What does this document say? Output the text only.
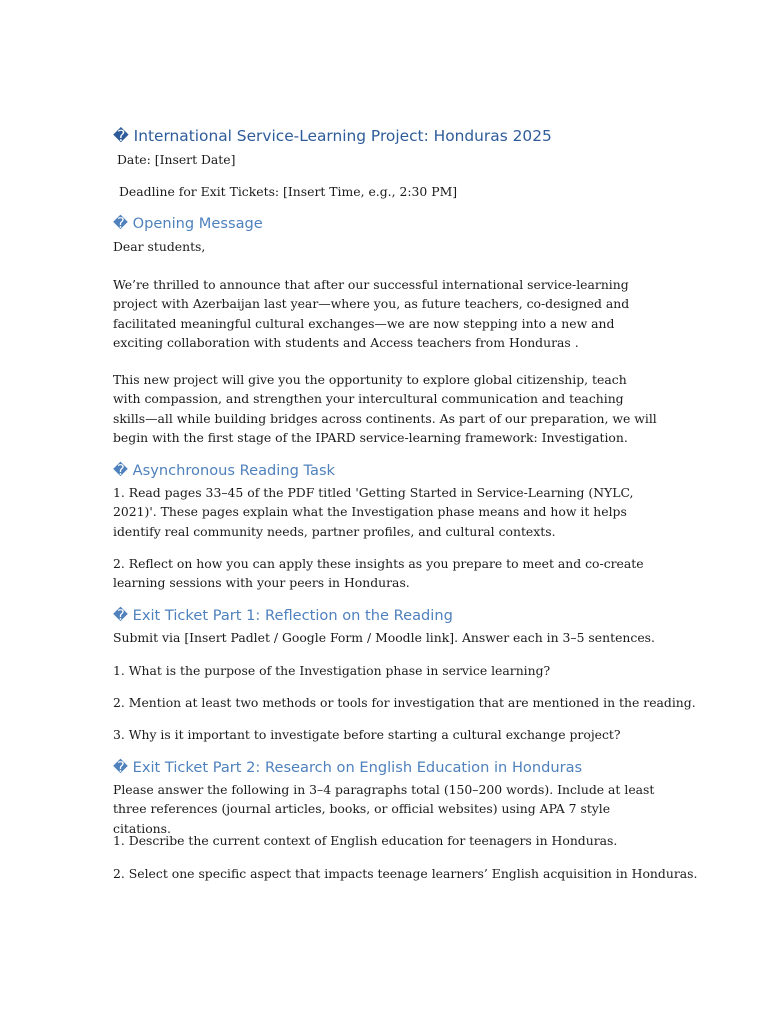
� International Service-Learning Project: Honduras 2025
Date: [Insert Date]
Deadline for Exit Tickets: [Insert Time, e.g., 2:30 PM]
� Opening Message
Dear students,
We’re thrilled to announce that after our successful international service-learning project with Azerbaijan last year—where you, as future teachers, co-designed and facilitated meaningful cultural exchanges—we are now stepping into a new and exciting collaboration with students and Access teachers from Honduras .
This new project will give you the opportunity to explore global citizenship, teach with compassion, and strengthen your intercultural communication and teaching skills—all while building bridges across continents. As part of our preparation, we will begin with the first stage of the IPARD service-learning framework: Investigation.
� Asynchronous Reading Task
1. Read pages 33–45 of the PDF titled 'Getting Started in Service-Learning (NYLC, 2021)'. These pages explain what the Investigation phase means and how it helps identify real community needs, partner profiles, and cultural contexts.
2. Reflect on how you can apply these insights as you prepare to meet and co-create learning sessions with your peers in Honduras.
� Exit Ticket Part 1: Reflection on the Reading
Submit via [Insert Padlet / Google Form / Moodle link]. Answer each in 3–5 sentences.
1. What is the purpose of the Investigation phase in service learning?
2. Mention at least two methods or tools for investigation that are mentioned in the reading.
3. Why is it important to investigate before starting a cultural exchange project?
� Exit Ticket Part 2: Research on English Education in Honduras
Please answer the following in 3–4 paragraphs total (150–200 words). Include at least three references (journal articles, books, or official websites) using APA 7 style citations.
1. Describe the current context of English education for teenagers in Honduras.
2. Select one specific aspect that impacts teenage learners’ English acquisition in Honduras.
